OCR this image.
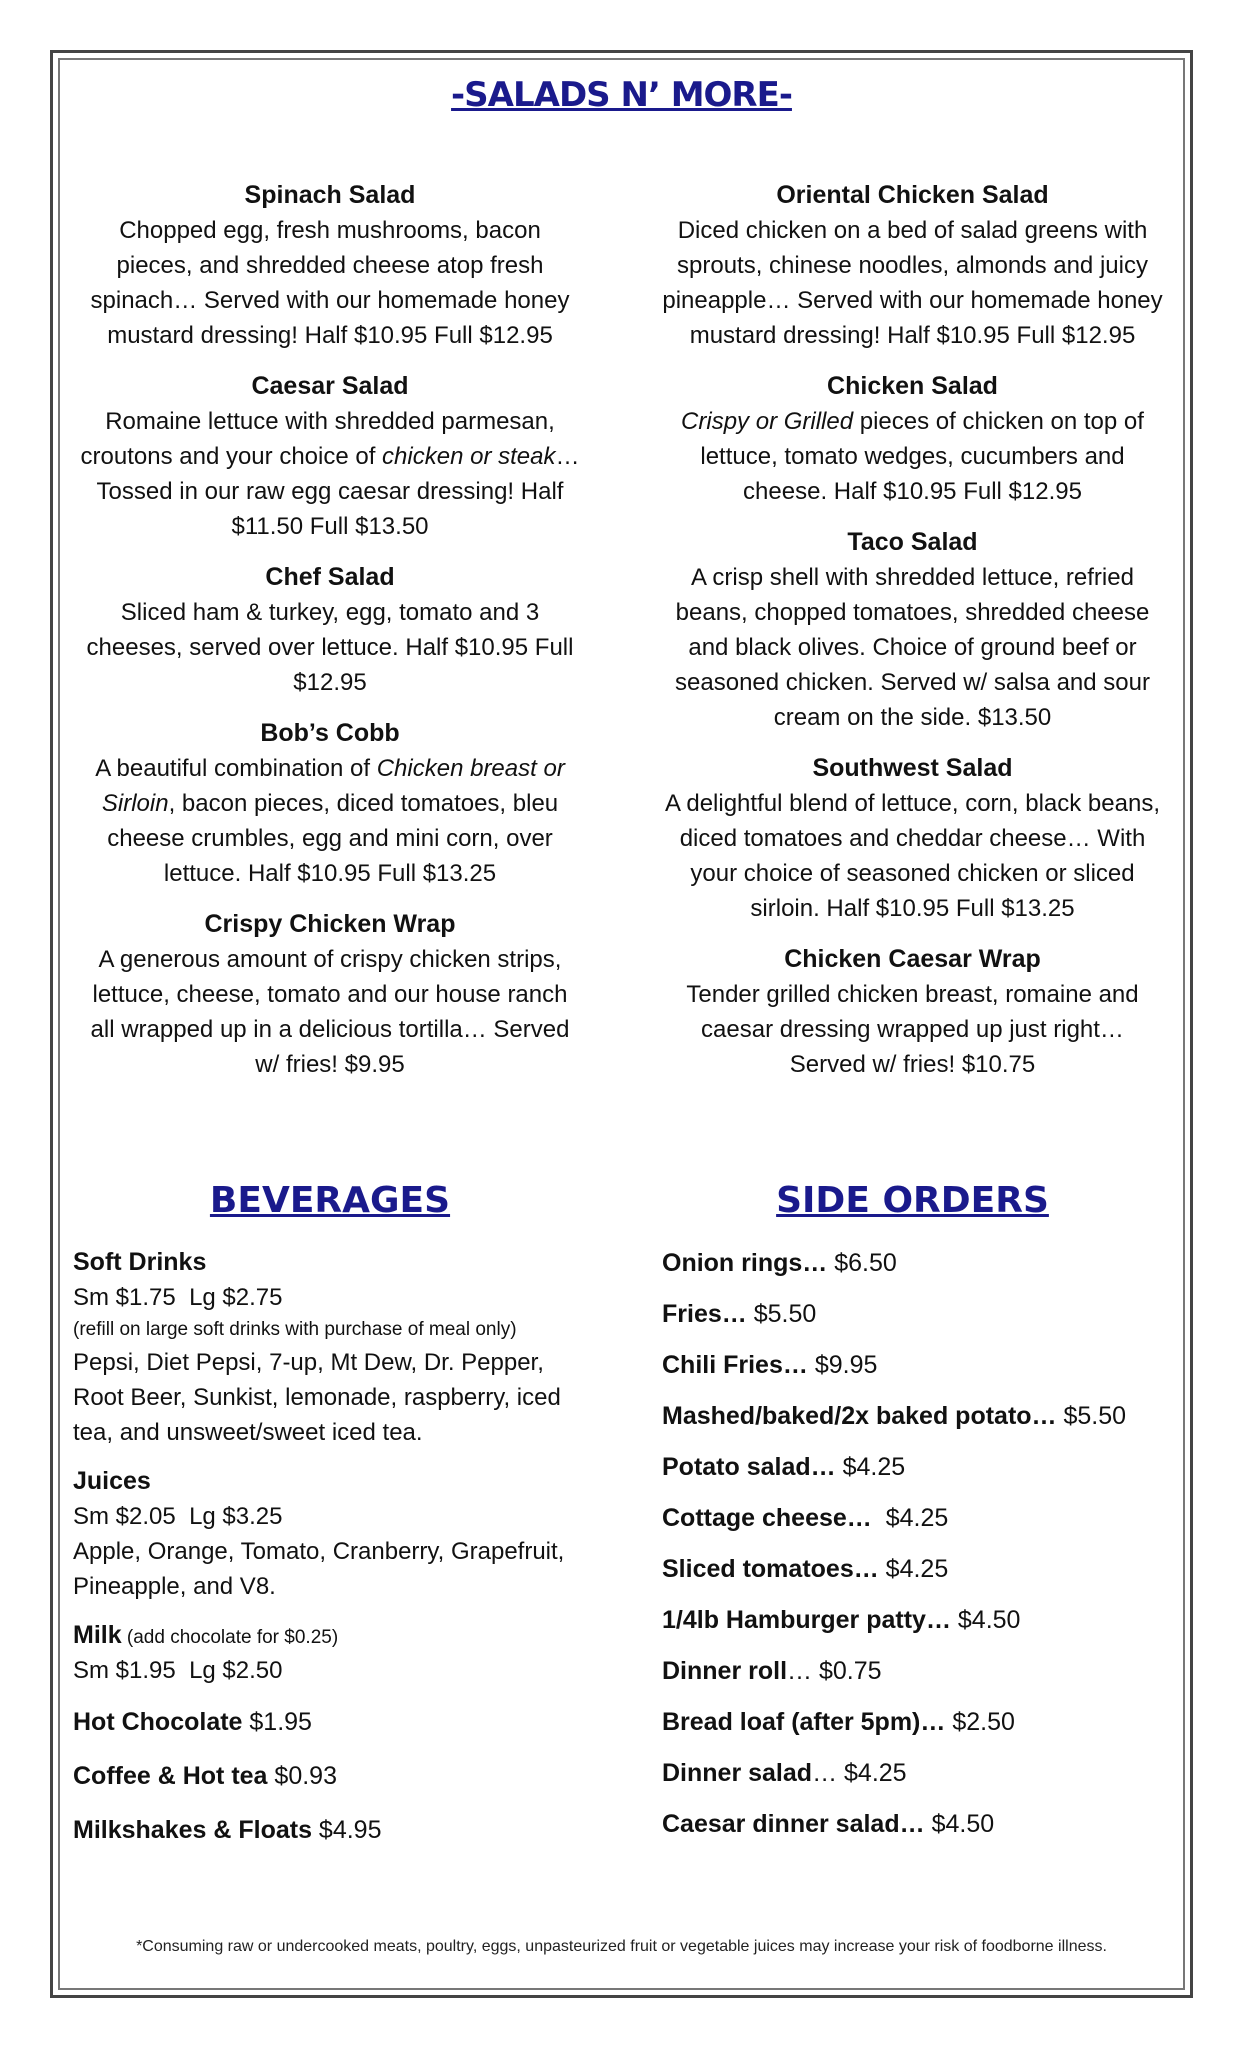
-SALADS N’ MORE-
Spinach Salad
Chopped egg, fresh mushrooms, bacon pieces, and shredded cheese atop fresh spinach… Served with our homemade honey mustard dressing! Half $10.95 Full $12.95
Caesar Salad
Romaine lettuce with shredded parmesan, croutons and your choice of chicken or steak… Tossed in our raw egg caesar dressing! Half $11.50 Full $13.50
Chef Salad
Sliced ham & turkey, egg, tomato and 3 cheeses, served over lettuce. Half $10.95 Full $12.95
Bob’s Cobb
A beautiful combination of Chicken breast or Sirloin, bacon pieces, diced tomatoes, bleu cheese crumbles, egg and mini corn, over lettuce. Half $10.95 Full $13.25
Crispy Chicken Wrap
A generous amount of crispy chicken strips, lettuce, cheese, tomato and our house ranch all wrapped up in a delicious tortilla… Served w/ fries! $9.95
Oriental Chicken Salad
Diced chicken on a bed of salad greens with sprouts, chinese noodles, almonds and juicy pineapple… Served with our homemade honey mustard dressing! Half $10.95 Full $12.95
Chicken Salad
Crispy or Grilled pieces of chicken on top of lettuce, tomato wedges, cucumbers and cheese. Half $10.95 Full $12.95
Taco Salad
A crisp shell with shredded lettuce, refried beans, chopped tomatoes, shredded cheese and black olives. Choice of ground beef or seasoned chicken. Served w/ salsa and sour cream on the side. $13.50
Southwest Salad
A delightful blend of lettuce, corn, black beans, diced tomatoes and cheddar cheese… With your choice of seasoned chicken or sliced sirloin. Half $10.95 Full $13.25
Chicken Caesar Wrap
Tender grilled chicken breast, romaine and caesar dressing wrapped up just right… Served w/ fries! $10.75
BEVERAGES	SIDE ORDERS
Soft Drinks
Sm $1.75  Lg $2.75
(refill on large soft drinks with purchase of meal only)
Pepsi, Diet Pepsi, 7-up, Mt Dew, Dr. Pepper, Root Beer, Sunkist, lemonade, raspberry, iced tea, and unsweet/sweet iced tea.
Juices
Sm $2.05  Lg $3.25
Apple, Orange, Tomato, Cranberry, Grapefruit, Pineapple, and V8.
Milk (add chocolate for $0.25)
Sm $1.95  Lg $2.50
Hot Chocolate $1.95
Coffee & Hot tea $0.93
Milkshakes & Floats $4.95
Onion rings… $6.50
Fries… $5.50
Chili Fries… $9.95
Mashed/baked/2x baked potato… $5.50
Potato salad… $4.25
Cottage cheese…  $4.25
Sliced tomatoes… $4.25
1/4lb Hamburger patty… $4.50
Dinner roll… $0.75
Bread loaf (after 5pm)… $2.50
Dinner salad… $4.25
Caesar dinner salad… $4.50
*Consuming raw or undercooked meats, poultry, eggs, unpasteurized fruit or vegetable juices may increase your risk of foodborne illness.
